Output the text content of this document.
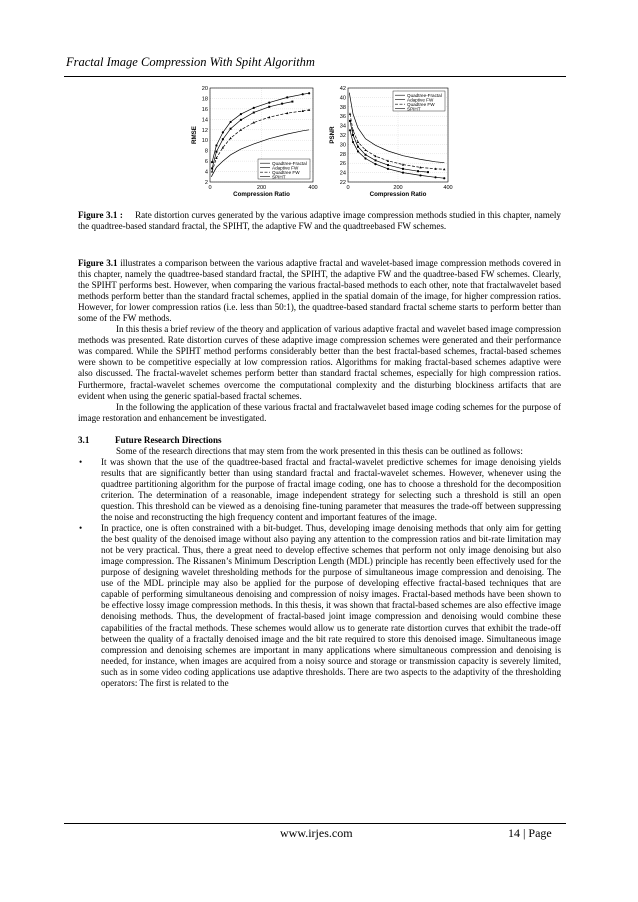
Fractal Image Compression With Spiht Algorithm
2
4
6
8
10
12
14
16
18
20
0	200	400
Compression Ratio
RMSE
Quadtree-Fractal
Adaptive FW
Quadtree FW
SPIHT
22
24
26
28
30
32
34
36
38
40
42
0	200	400
Compression Ratio
PSNR
Quadtree-Fractal
Adaptive FW
Quadtree FW
SPIHT

Figure 3.1 : Rate distortion curves generated by the various adaptive image compression methods studied in this chapter, namely the quadtree-based standard fractal, the SPIHT, the adaptive FW and the quadtreebased FW schemes.

Figure 3.1 illustrates a comparison between the various adaptive fractal and wavelet-based image compression methods covered in this chapter, namely the quadtree-based standard fractal, the SPIHT, the adaptive FW and the quadtree-based FW schemes. Clearly, the SPIHT performs best. However, when comparing the various fractal-based methods to each other, note that fractalwavelet based methods perform better than the standard fractal schemes, applied in the spatial domain of the image, for higher compression ratios. However, for lower compression ratios (i.e. less than 50:1), the quadtree-based standard fractal scheme starts to perform better than some of the FW methods.

In this thesis a brief review of the theory and application of various adaptive fractal and wavelet based image compression methods was presented. Rate distortion curves of these adaptive image compression schemes were generated and their performance was compared. While the SPIHT method performs considerably better than the best fractal-based schemes, fractal-based schemes were shown to be competitive especially at low compression ratios. Algorithms for making fractal-based schemes adaptive were also discussed. The fractal-wavelet schemes perform better than standard fractal schemes, especially for high compression ratios. Furthermore, fractal-wavelet schemes overcome the computational complexity and the disturbing blockiness artifacts that are evident when using the generic spatial-based fractal schemes.

In the following the application of these various fractal and fractalwavelet based image coding schemes for the purpose of image restoration and enhancement be investigated.

3.1	Future Research Directions

Some of the research directions that may stem from the work presented in this thesis can be outlined as follows:

• It was shown that the use of the quadtree-based fractal and fractal-wavelet predictive schemes for image denoising yields results that are significantly better than using standard fractal and fractal-wavelet schemes. However, whenever using the quadtree partitioning algorithm for the purpose of fractal image coding, one has to choose a threshold for the decomposition criterion. The determination of a reasonable, image independent strategy for selecting such a threshold is still an open question. This threshold can be viewed as a denoising fine-tuning parameter that measures the trade-off between suppressing the noise and reconstructing the high frequency content and important features of the image.
• In practice, one is often constrained with a bit-budget. Thus, developing image denoising methods that only aim for getting the best quality of the denoised image without also paying any attention to the compression ratios and bit-rate limitation may not be very practical. Thus, there a great need to develop effective schemes that perform not only image denoising but also image compression. The Rissanen’s Minimum Description Length (MDL) principle has recently been effectively used for the purpose of designing wavelet thresholding methods for the purpose of simultaneous image compression and denoising. The use of the MDL principle may also be applied for the purpose of developing effective fractal-based techniques that are capable of performing simultaneous denoising and compression of noisy images. Fractal-based methods have been shown to be effective lossy image compression methods. In this thesis, it was shown that fractal-based schemes are also effective image denoising methods. Thus, the development of fractal-based joint image compression and denoising would combine these capabilities of the fractal methods. These schemes would allow us to generate rate distortion curves that exhibit the trade-off between the quality of a fractally denoised image and the bit rate required to store this denoised image. Simultaneous image compression and denoising schemes are important in many applications where simultaneous compression and denoising is needed, for instance, when images are acquired from a noisy source and storage or transmission capacity is severely limited, such as in some video coding applications use adaptive thresholds. There are two aspects to the adaptivity of the thresholding operators: The first is related to the
www.irjes.com	14 | Page
